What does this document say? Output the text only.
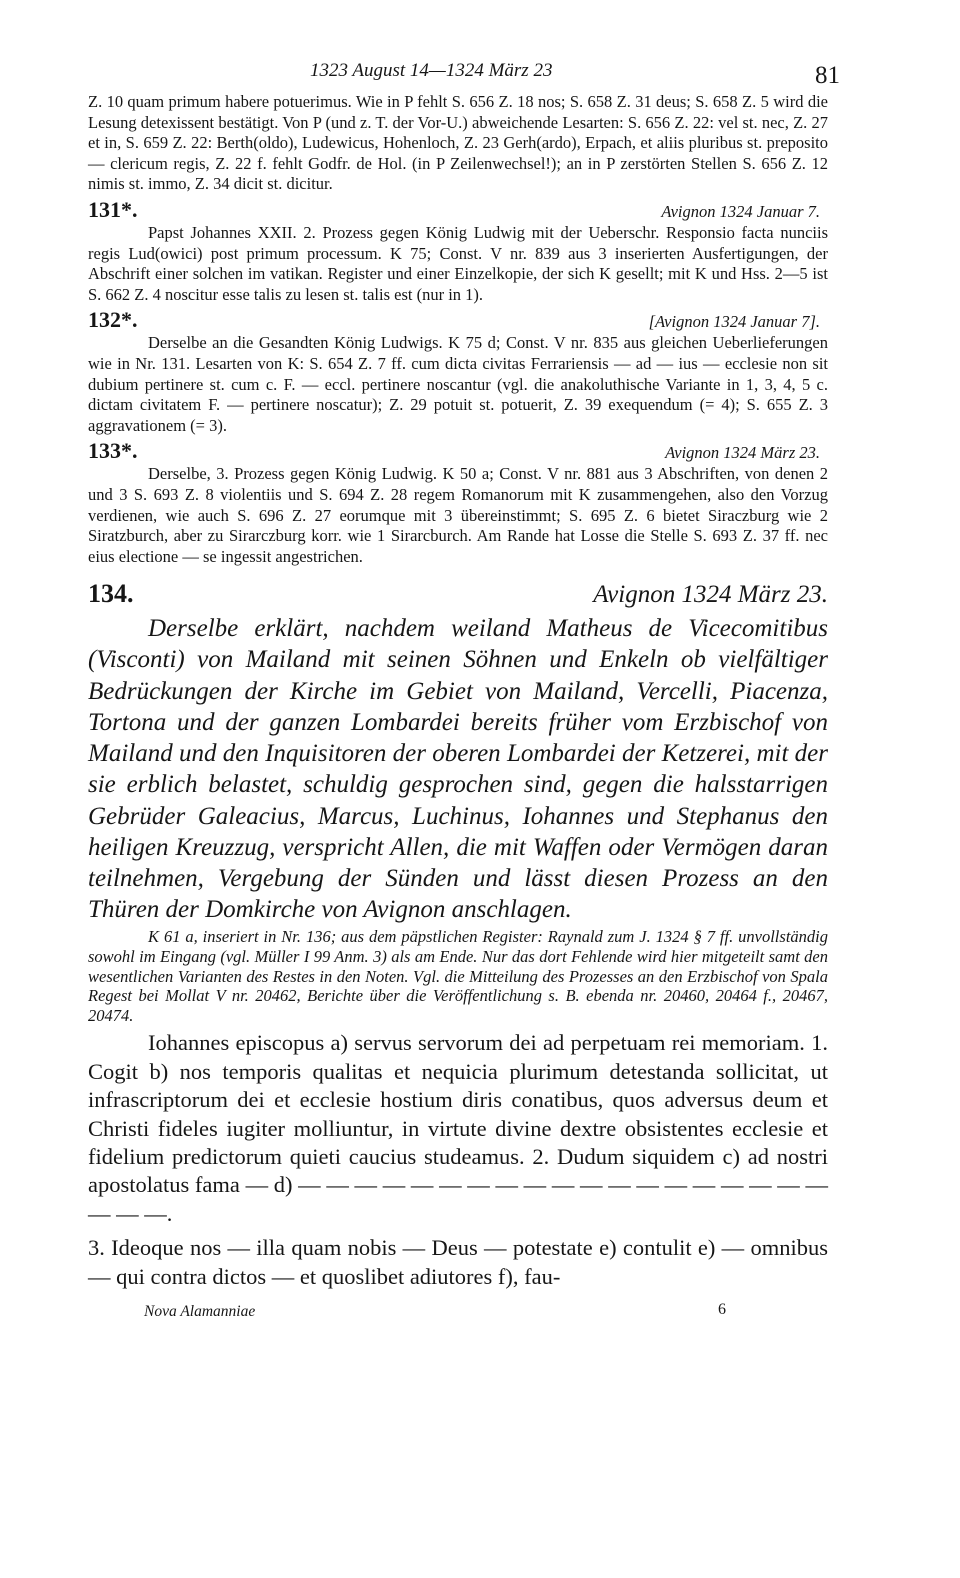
1323 August 14—1324 März 23	81

Z. 10 quam primum habere potuerimus. Wie in P fehlt S. 656 Z. 18 nos; S. 658 Z. 31 deus; S. 658 Z. 5 wird die Lesung detexissent bestätigt. Von P (und z. T. der Vor-U.) abweichende Lesarten: S. 656 Z. 22: vel st. nec, Z. 27 et in, S. 659 Z. 22: Berth(oldo), Ludewicus, Hohenloch, Z. 23 Gerh(ardo), Erpach, et aliis pluribus st. preposito — clericum regis, Z. 22 f. fehlt Godfr. de Hol. (in P Zeilenwechsel!); an in P zerstörten Stellen S. 656 Z. 12 nimis st. immo, Z. 34 dicit st. dicitur.

131*.	Avignon 1324 Januar 7.

Papst Johannes XXII. 2. Prozess gegen König Ludwig mit der Ueberschr. Responsio facta nunciis regis Lud(owici) post primum processum. K 75; Const. V nr. 839 aus 3 inserierten Ausfertigungen, der Abschrift einer solchen im vatikan. Register und einer Einzelkopie, der sich K gesellt; mit K und Hss. 2—5 ist S. 662 Z. 4 noscitur esse talis zu lesen st. talis est (nur in 1).

132*.	[Avignon 1324 Januar 7].

Derselbe an die Gesandten König Ludwigs. K 75 d; Const. V nr. 835 aus gleichen Ueberlieferungen wie in Nr. 131. Lesarten von K: S. 654 Z. 7 ff. cum dicta civitas Ferrariensis — ad — ius — ecclesie non sit dubium pertinere st. cum c. F. — eccl. pertinere noscantur (vgl. die anakoluthische Variante in 1, 3, 4, 5 c. dictam civitatem F. — pertinere noscatur); Z. 29 potuit st. potuerit, Z. 39 exequendum (= 4); S. 655 Z. 3 aggravationem (= 3).

133*.	Avignon 1324 März 23.

Derselbe, 3. Prozess gegen König Ludwig. K 50 a; Const. V nr. 881 aus 3 Abschriften, von denen 2 und 3 S. 693 Z. 8 violentiis und S. 694 Z. 28 regem Romanorum mit K zusammengehen, also den Vorzug verdienen, wie auch S. 696 Z. 27 eorumque mit 3 übereinstimmt; S. 695 Z. 6 bietet Siraczburg wie 2 Siratzburch, aber zu Sirarczburg korr. wie 1 Sirarcburch. Am Rande hat Losse die Stelle S. 693 Z. 37 ff. nec eius electione — se ingessit angestrichen.

134.	Avignon 1324 März 23.

Derselbe erklärt, nachdem weiland Matheus de Vicecomitibus (Visconti) von Mailand mit seinen Söhnen und Enkeln ob vielfältiger Bedrückungen der Kirche im Gebiet von Mailand, Vercelli, Piacenza, Tortona und der ganzen Lombardei bereits früher vom Erzbischof von Mailand und den Inquisitoren der oberen Lombardei der Ketzerei, mit der sie erblich belastet, schuldig gesprochen sind, gegen die halsstarrigen Gebrüder Galeacius, Marcus, Luchinus, Iohannes und Stephanus den heiligen Kreuzzug, verspricht Allen, die mit Waffen oder Vermögen daran teilnehmen, Vergebung der Sünden und lässt diesen Prozess an den Thüren der Domkirche von Avignon anschlagen.

K 61 a, inseriert in Nr. 136; aus dem päpstlichen Register: Raynald zum J. 1324 § 7 ff. unvollständig sowohl im Eingang (vgl. Müller I 99 Anm. 3) als am Ende. Nur das dort Fehlende wird hier mitgeteilt samt den wesentlichen Varianten des Restes in den Noten. Vgl. die Mitteilung des Prozesses an den Erzbischof von Spala Regest bei Mollat V nr. 20462, Berichte über die Veröffentlichung s. B. ebenda nr. 20460, 20464 f., 20467, 20474.

Iohannes episcopus a) servus servorum dei ad perpetuam rei memoriam. 1. Cogit b) nos temporis qualitas et nequicia plurimum detestanda sollicitat, ut infrascriptorum dei et ecclesie hostium diris conatibus, quos adversus deum et Christi fideles iugiter molliuntur, in virtute divine dextre obsistentes ecclesie et fidelium predictorum quieti caucius studeamus. 2. Dudum siquidem c) ad nostri apostolatus fama — d) — — — — — — — — — — — — — — — — — — — — — —.

3. Ideoque nos — illa quam nobis — Deus — potestate e) contulit e) — omnibus — qui contra dictos — et quoslibet adiutores f), fau-

Nova Alamanniae	6
